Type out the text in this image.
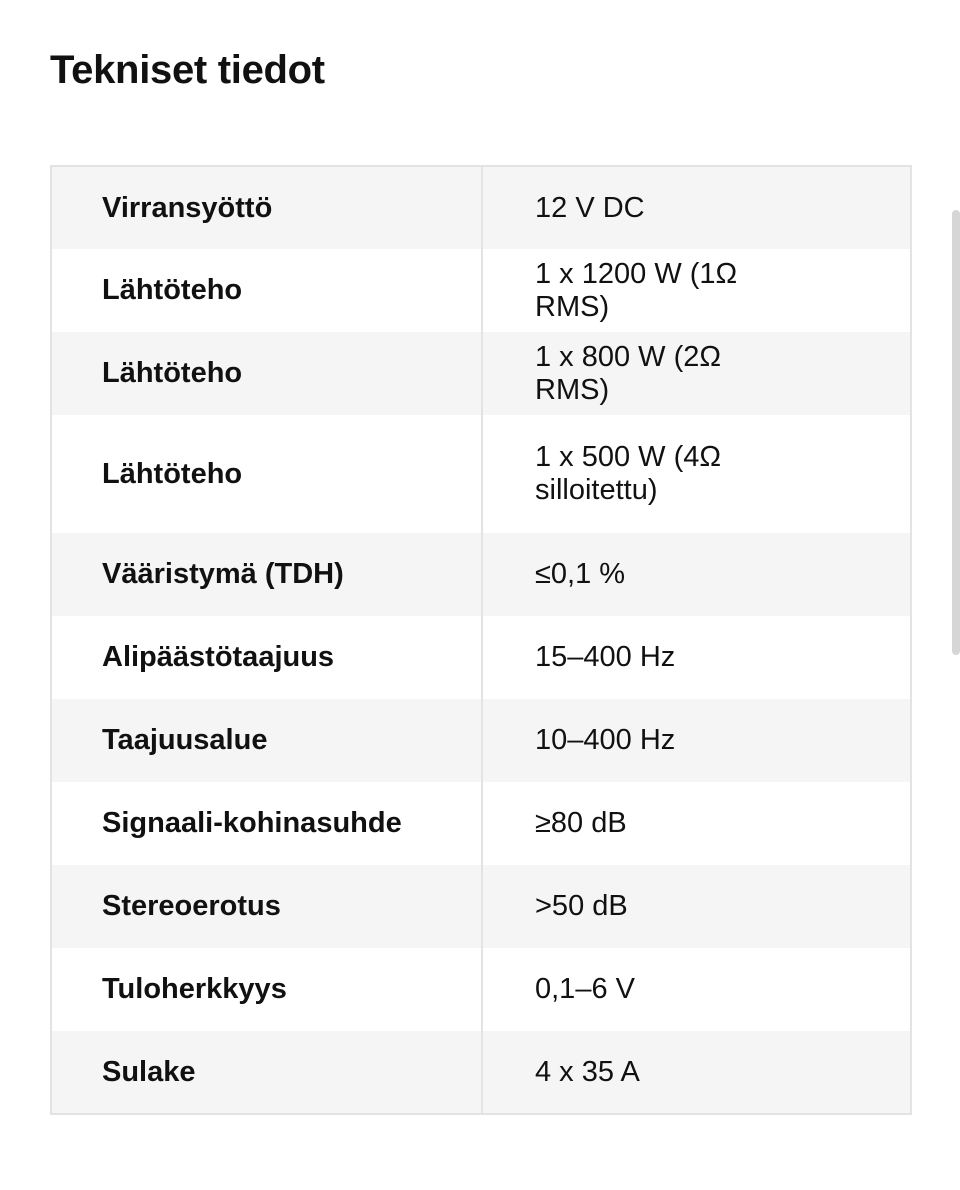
Tekniset tiedot
Virransyöttö	12 V DC
Lähtöteho	1 x 1200 W (1Ω RMS)
Lähtöteho	1 x 800 W (2Ω RMS)
Lähtöteho	1 x 500 W (4Ω silloitettu)
Vääristymä (TDH)	≤0,1 %
Alipäästötaajuus	15–400 Hz
Taajuusalue	10–400 Hz
Signaali-kohinasuhde	≥80 dB
Stereoerotus	>50 dB
Tuloherkkyys	0,1–6 V
Sulake	4 x 35 A
